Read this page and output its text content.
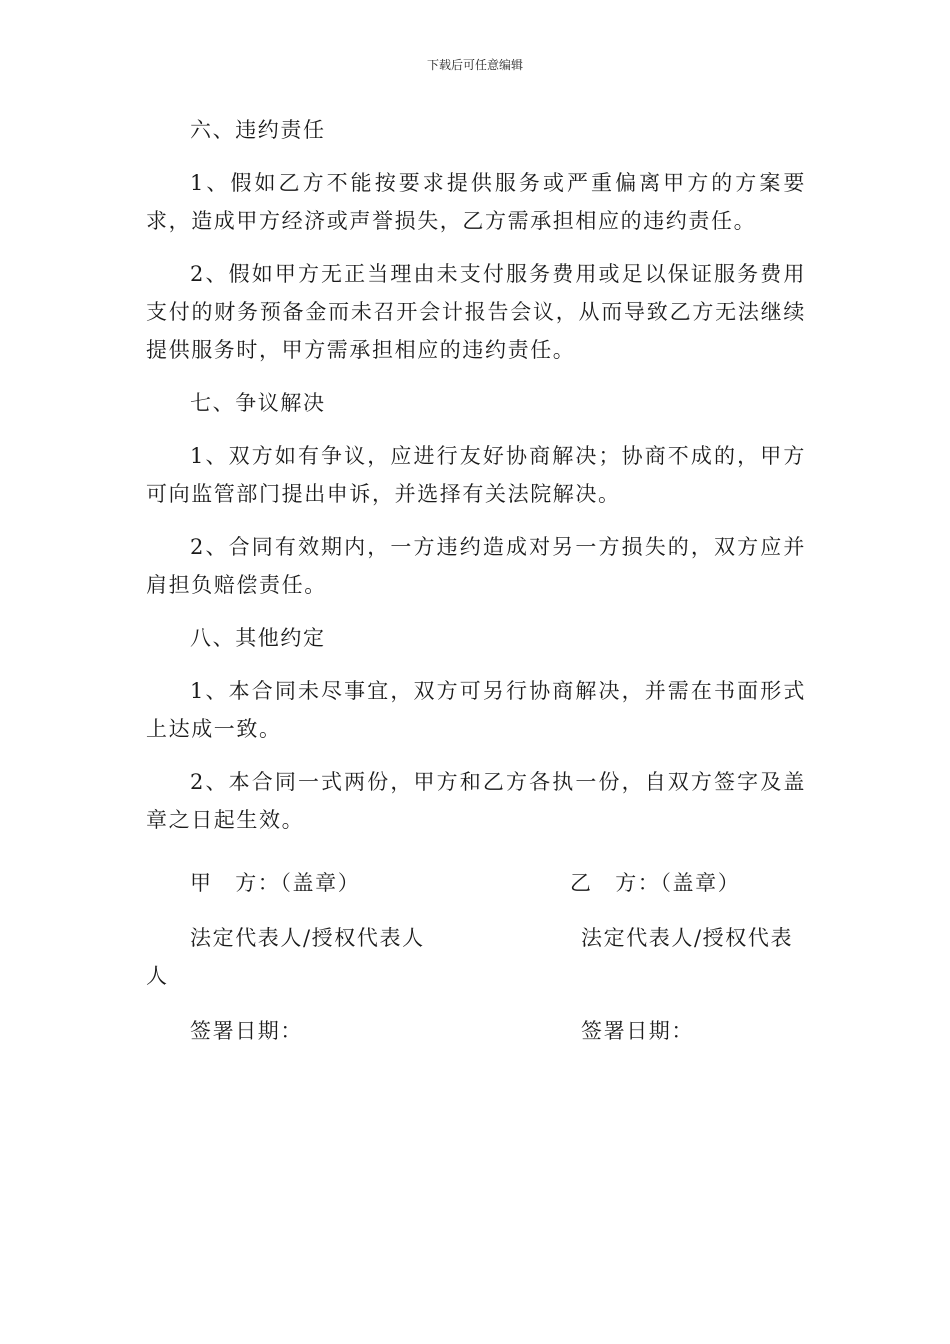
下载后可任意编辑

六、违约责任

1、假如乙方不能按要求提供服务或严重偏离甲方的方案要求，造成甲方经济或声誉损失，乙方需承担相应的违约责任。

2、假如甲方无正当理由未支付服务费用或足以保证服务费用支付的财务预备金而未召开会计报告会议，从而导致乙方无法继续提供服务时，甲方需承担相应的违约责任。

七、争议解决

1、双方如有争议，应进行友好协商解决；协商不成的，甲方可向监管部门提出申诉，并选择有关法院解决。

2、合同有效期内，一方违约造成对另一方损失的，双方应并肩担负赔偿责任。

八、其他约定

1、本合同未尽事宜，双方可另行协商解决，并需在书面形式上达成一致。

2、本合同一式两份，甲方和乙方各执一份，自双方签字及盖章之日起生效。

甲　方：（盖章）	乙　方：（盖章）
法定代表人/授权代表人	法定代表人/授权代表
人
签署日期：	签署日期：
